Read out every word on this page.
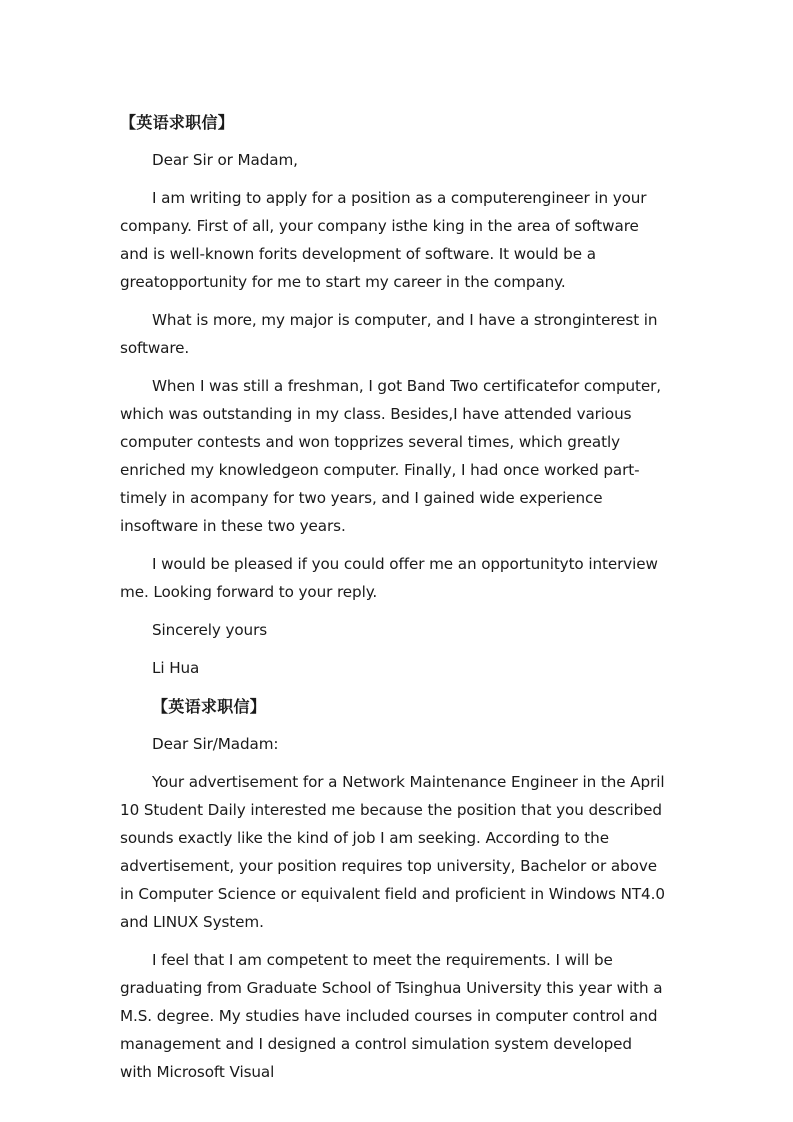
【英语求职信】

Dear Sir or Madam,

I am writing to apply for a position as a computerengineer in your company. First of all, your company isthe king in the area of software and is well-known forits development of software. It would be a greatopportunity for me to start my career in the company.

What is more, my major is computer, and I have a stronginterest in software.

When I was still a freshman, I got Band Two certificatefor computer, which was outstanding in my class. Besides,I have attended various computer contests and won topprizes several times, which greatly enriched my knowledgeon computer. Finally, I had once worked part-timely in acompany for two years, and I gained wide experience insoftware in these two years.

I would be pleased if you could offer me an opportunityto interview me. Looking forward to your reply.

Sincerely yours

Li Hua

【英语求职信】

Dear Sir/Madam:

Your advertisement for a Network Maintenance Engineer in the April 10 Student Daily interested me because the position that you described sounds exactly like the kind of job I am seeking. According to the advertisement, your position requires top university, Bachelor or above in Computer Science or equivalent field and proficient in Windows NT4.0 and LINUX System.

I feel that I am competent to meet the requirements. I will be graduating from Graduate School of Tsinghua University this year with a M.S. degree. My studies have included courses in computer control and management and I designed a control simulation system developed with Microsoft Visual
